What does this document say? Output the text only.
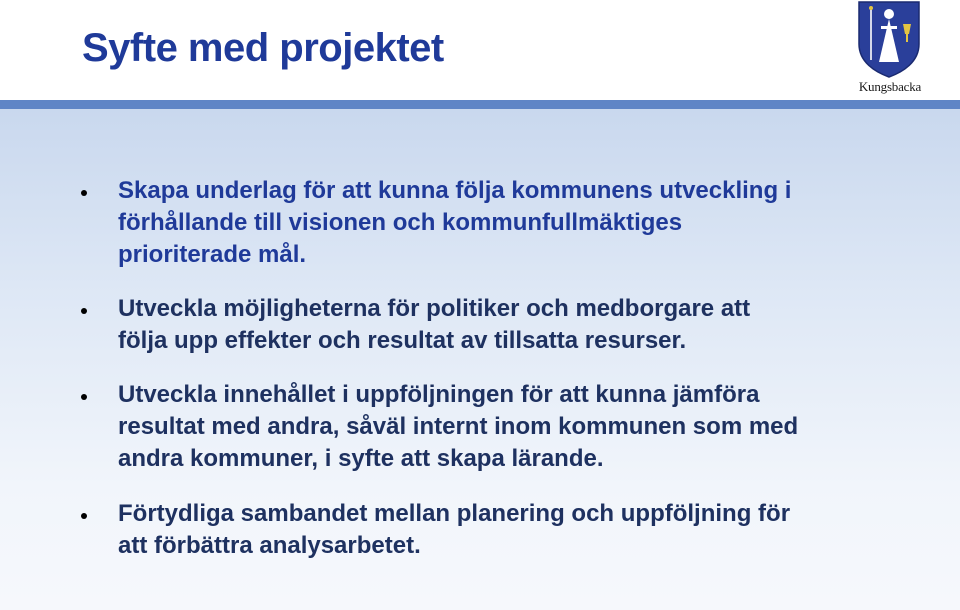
Syfte med projektet
Kungsbacka
Skapa underlag för att kunna följa kommunens utveckling i
förhållande till visionen och kommunfullmäktiges
prioriterade mål.
Utveckla möjligheterna för politiker och medborgare att
följa upp effekter och resultat av tillsatta resurser.
Utveckla innehållet i uppföljningen för att kunna jämföra
resultat med andra, såväl internt inom kommunen som med
andra kommuner, i syfte att skapa lärande.
Förtydliga sambandet mellan planering och uppföljning för
att förbättra analysarbetet.
